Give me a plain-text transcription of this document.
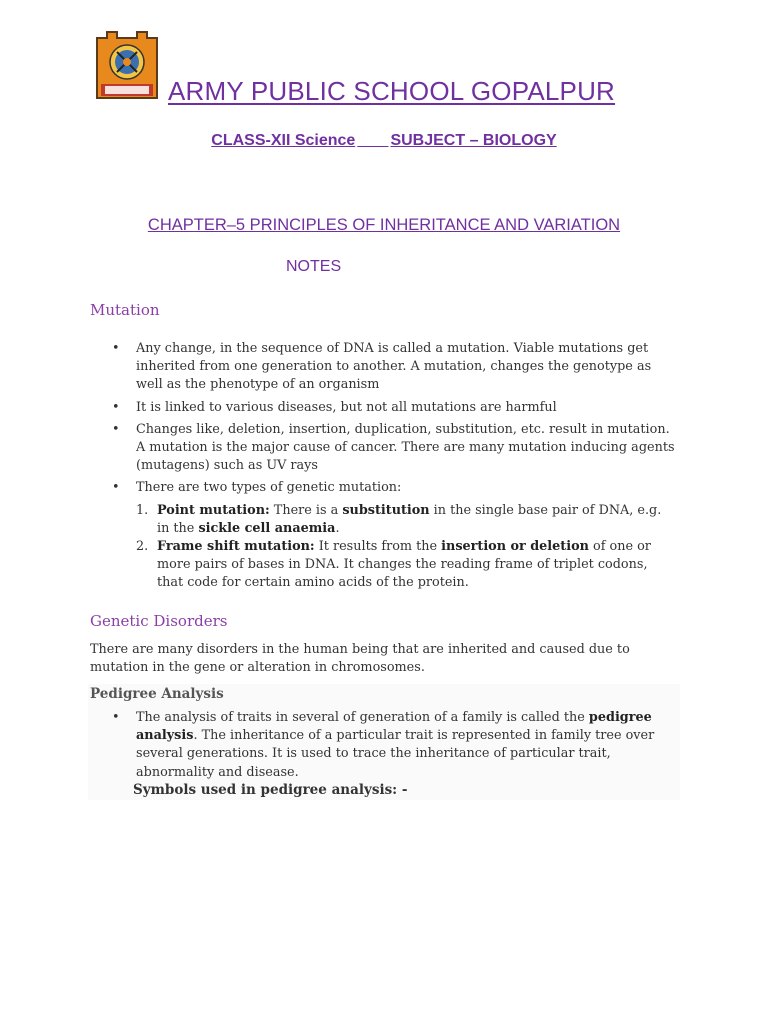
ARMY PUBLIC SCHOOL GOPALPUR
CLASS-XII Science SUBJECT – BIOLOGY
CHAPTER–5 PRINCIPLES OF INHERITANCE AND VARIATION
NOTES
Mutation
• Any change, in the sequence of DNA is called a mutation. Viable mutations get inherited from one generation to another. A mutation, changes the genotype as well as the phenotype of an organism
• It is linked to various diseases, but not all mutations are harmful
• Changes like, deletion, insertion, duplication, substitution, etc. result in mutation. A mutation is the major cause of cancer. There are many mutation inducing agents (mutagens) such as UV rays
• There are two types of genetic mutation:
1. Point mutation: There is a substitution in the single base pair of DNA, e.g. in the sickle cell anaemia.
2. Frame shift mutation: It results from the insertion or deletion of one or more pairs of bases in DNA. It changes the reading frame of triplet codons, that code for certain amino acids of the protein.
Genetic Disorders

There are many disorders in the human being that are inherited and caused due to mutation in the gene or alteration in chromosomes.

Pedigree Analysis
• The analysis of traits in several of generation of a family is called the pedigree analysis. The inheritance of a particular trait is represented in family tree over several generations. It is used to trace the inheritance of particular trait, abnormality and disease.
Symbols used in pedigree analysis: -
